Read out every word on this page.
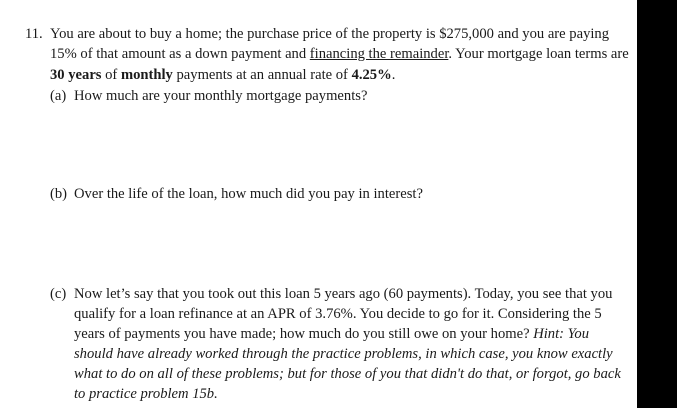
11. You are about to buy a home; the purchase price of the property is $275,000 and you are paying
15% of that amount as a down payment and financing the remainder. Your mortgage loan terms are
30 years of monthly payments at an annual rate of 4.25%.
(a) How much are your monthly mortgage payments?
(b) Over the life of the loan, how much did you pay in interest?
(c) Now let’s say that you took out this loan 5 years ago (60 payments). Today, you see that you
qualify for a loan refinance at an APR of 3.76%. You decide to go for it. Considering the 5
years of payments you have made; how much do you still owe on your home? Hint: You
should have already worked through the practice problems, in which case, you know exactly
what to do on all of these problems; but for those of you that didn't do that, or forgot, go back
to practice problem 15b.
